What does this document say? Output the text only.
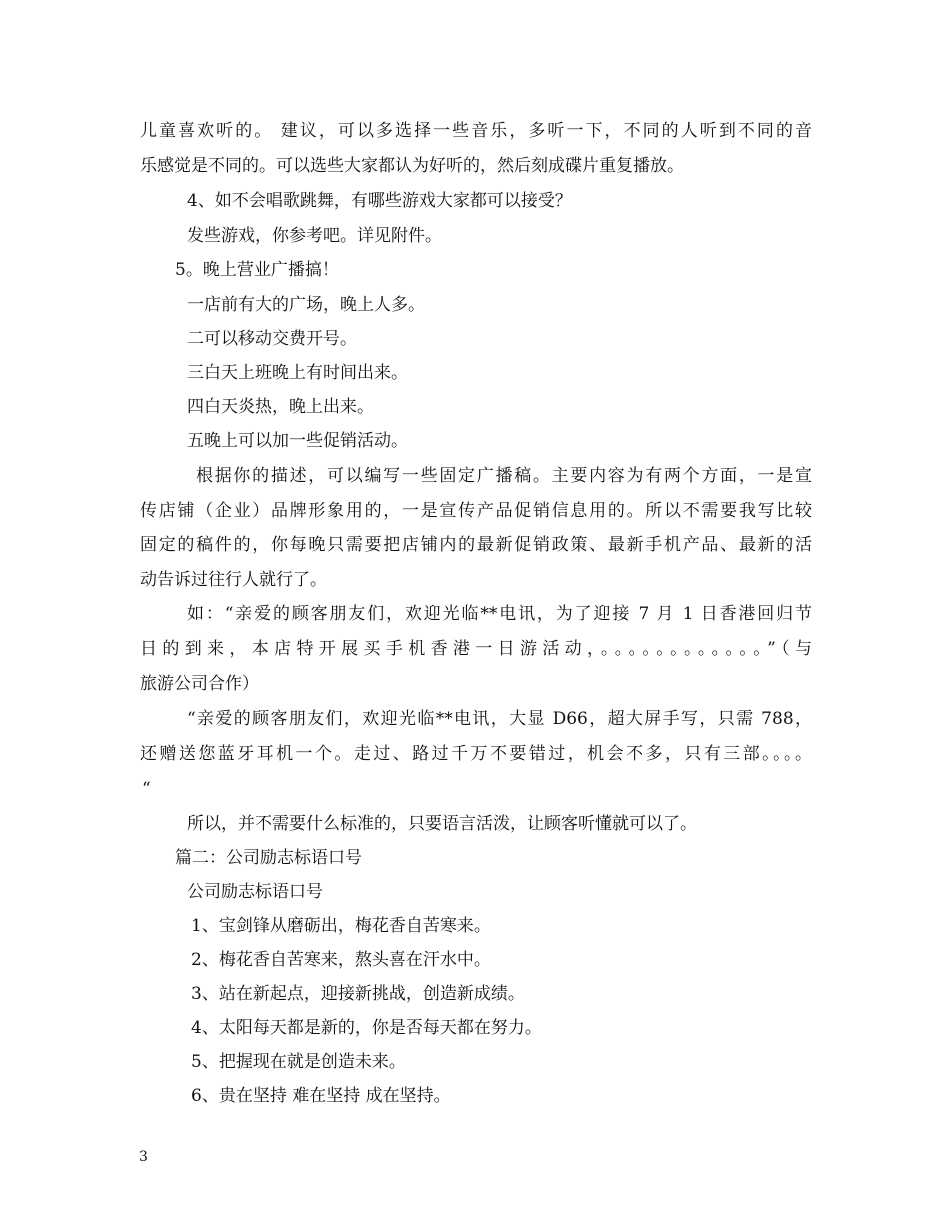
儿童喜欢听的。 建议，可以多选择一些音乐，多听一下，不同的人听到不同的音
乐感觉是不同的。可以选些大家都认为好听的，然后刻成碟片重复播放。
4、如不会唱歌跳舞，有哪些游戏大家都可以接受？
发些游戏，你参考吧。详见附件。
5。晚上营业广播搞！
一店前有大的广场，晚上人多。
二可以移动交费开号。
三白天上班晚上有时间出来。
四白天炎热，晚上出来。
五晚上可以加一些促销活动。
根据你的描述，可以编写一些固定广播稿。主要内容为有两个方面，一是宣
传店铺（企业）品牌形象用的，一是宣传产品促销信息用的。所以不需要我写比较
固定的稿件的，你每晚只需要把店铺内的最新促销政策、最新手机产品、最新的活
动告诉过往行人就行了。
如：“亲爱的顾客朋友们，欢迎光临**电讯，为了迎接 7 月 1 日香港回归节
日的到来，本店特开展买手机香港一日游活动，。。。。。。。。。。。。”（与
旅游公司合作）
“亲爱的顾客朋友们，欢迎光临**电讯，大显 D66，超大屏手写，只需 788，
还赠送您蓝牙耳机一个。走过、路过千万不要错过，机会不多，只有三部。。。。
“
所以，并不需要什么标准的，只要语言活泼，让顾客听懂就可以了。
篇二：公司励志标语口号
公司励志标语口号
1、宝剑锋从磨砺出，梅花香自苦寒来。
2、梅花香自苦寒来，熬头喜在汗水中。
3、站在新起点，迎接新挑战，创造新成绩。
4、太阳每天都是新的，你是否每天都在努力。
5、把握现在就是创造未来。
6、贵在坚持 难在坚持 成在坚持。
3
